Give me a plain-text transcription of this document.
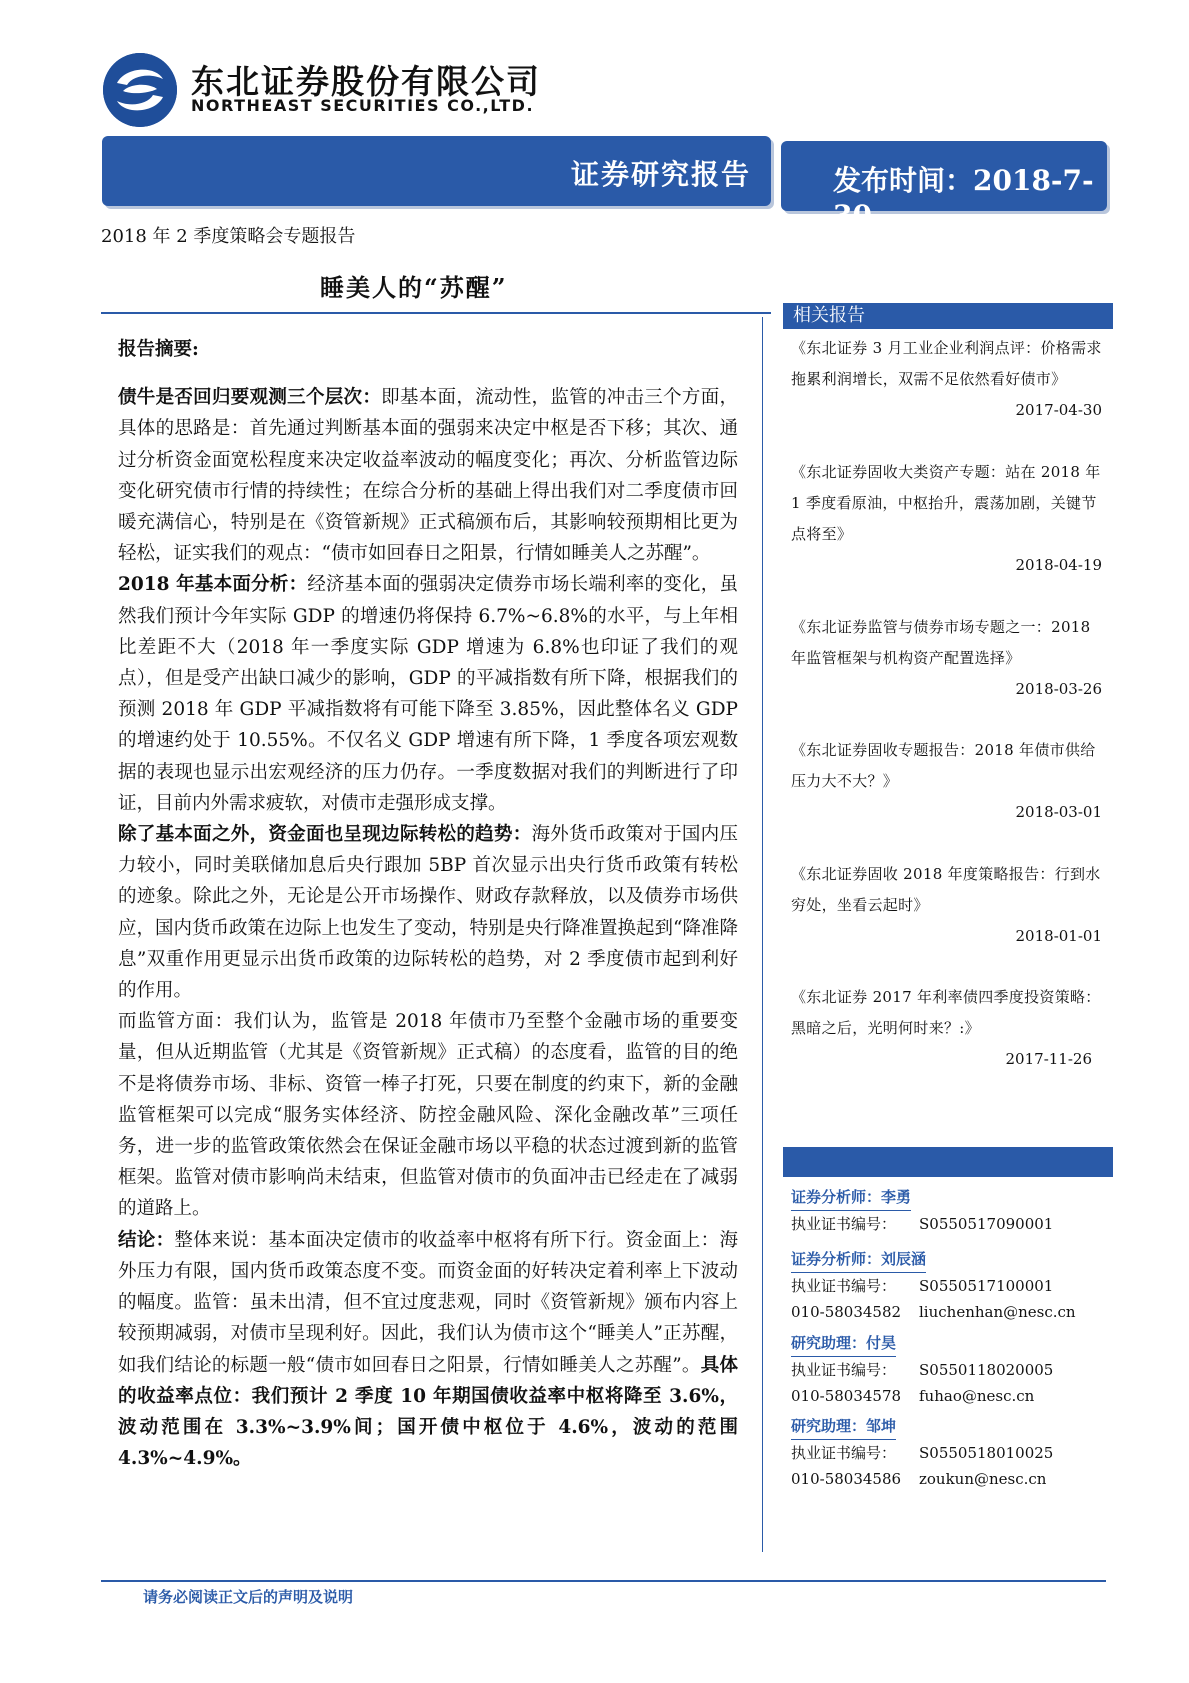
东北证券股份有限公司
NORTHEAST SECURITIES CO.,LTD.
证券研究报告	发布时间：2018-7-30
2018 年 2 季度策略会专题报告
睡美人的“苏醒”

报告摘要:

债牛是否回归要观测三个层次：即基本面，流动性，监管的冲击三个方面，具体的思路是：首先通过判断基本面的强弱来决定中枢是否下移；其次、通过分析资金面宽松程度来决定收益率波动的幅度变化；再次、分析监管边际变化研究债市行情的持续性；在综合分析的基础上得出我们对二季度债市回暖充满信心，特别是在《资管新规》正式稿颁布后，其影响较预期相比更为轻松，证实我们的观点：“债市如回春日之阳景，行情如睡美人之苏醒”。

2018 年基本面分析：经济基本面的强弱决定债券市场长端利率的变化，虽然我们预计今年实际 GDP 的增速仍将保持 6.7%~6.8%的水平，与上年相比差距不大（2018 年一季度实际 GDP 增速为 6.8%也印证了我们的观点），但是受产出缺口减少的影响，GDP 的平减指数有所下降，根据我们的预测 2018 年 GDP 平减指数将有可能下降至 3.85%，因此整体名义 GDP 的增速约处于 10.55%。不仅名义 GDP 增速有所下降，1 季度各项宏观数据的表现也显示出宏观经济的压力仍存。一季度数据对我们的判断进行了印证，目前内外需求疲软，对债市走强形成支撑。

除了基本面之外，资金面也呈现边际转松的趋势：海外货币政策对于国内压力较小，同时美联储加息后央行跟加 5BP 首次显示出央行货币政策有转松的迹象。除此之外，无论是公开市场操作、财政存款释放，以及债券市场供应，国内货币政策在边际上也发生了变动，特别是央行降准置换起到“降准降息”双重作用更显示出货币政策的边际转松的趋势，对 2 季度债市起到利好的作用。

而监管方面：我们认为，监管是 2018 年债市乃至整个金融市场的重要变量，但从近期监管（尤其是《资管新规》正式稿）的态度看，监管的目的绝不是将债券市场、非标、资管一棒子打死，只要在制度的约束下，新的金融监管框架可以完成“服务实体经济、防控金融风险、深化金融改革”三项任务，进一步的监管政策依然会在保证金融市场以平稳的状态过渡到新的监管框架。监管对债市影响尚未结束，但监管对债市的负面冲击已经走在了减弱的道路上。

结论：整体来说：基本面决定债市的收益率中枢将有所下行。资金面上：海外压力有限，国内货币政策态度不变。而资金面的好转决定着利率上下波动的幅度。监管：虽未出清，但不宜过度悲观，同时《资管新规》颁布内容上较预期减弱，对债市呈现利好。因此，我们认为债市这个“睡美人”正苏醒，如我们结论的标题一般“债市如回春日之阳景，行情如睡美人之苏醒”。具体的收益率点位：我们预计 2 季度 10 年期国债收益率中枢将降至 3.6%，波动范围在 3.3%~3.9%间；国开债中枢位于 4.6%，波动的范围 4.3%~4.9%。

相关报告
《东北证券 3 月工业企业利润点评：价格需求拖累利润增长，双需不足依然看好债市》
2017-04-30
《东北证券固收大类资产专题：站在 2018 年 1 季度看原油，中枢抬升，震荡加剧，关键节点将至》
2018-04-19
《东北证券监管与债券市场专题之一：2018 年监管框架与机构资产配置选择》
2018-03-26
《东北证券固收专题报告：2018 年债市供给压力大不大？》
2018-03-01
《东北证券固收 2018 年度策略报告：行到水穷处，坐看云起时》
2018-01-01
《东北证券 2017 年利率债四季度投资策略：黑暗之后，光明何时来？:》
2017-11-26
证券分析师：李勇
执业证书编号： S0550517090001
证券分析师：刘辰涵
执业证书编号： S0550517100001
010-58034582 liuchenhan@nesc.cn
研究助理：付昊
执业证书编号： S0550118020005
010-58034578 fuhao@nesc.cn
研究助理：邹坤
执业证书编号： S0550518010025
010-58034586 zoukun@nesc.cn
请务必阅读正文后的声明及说明
